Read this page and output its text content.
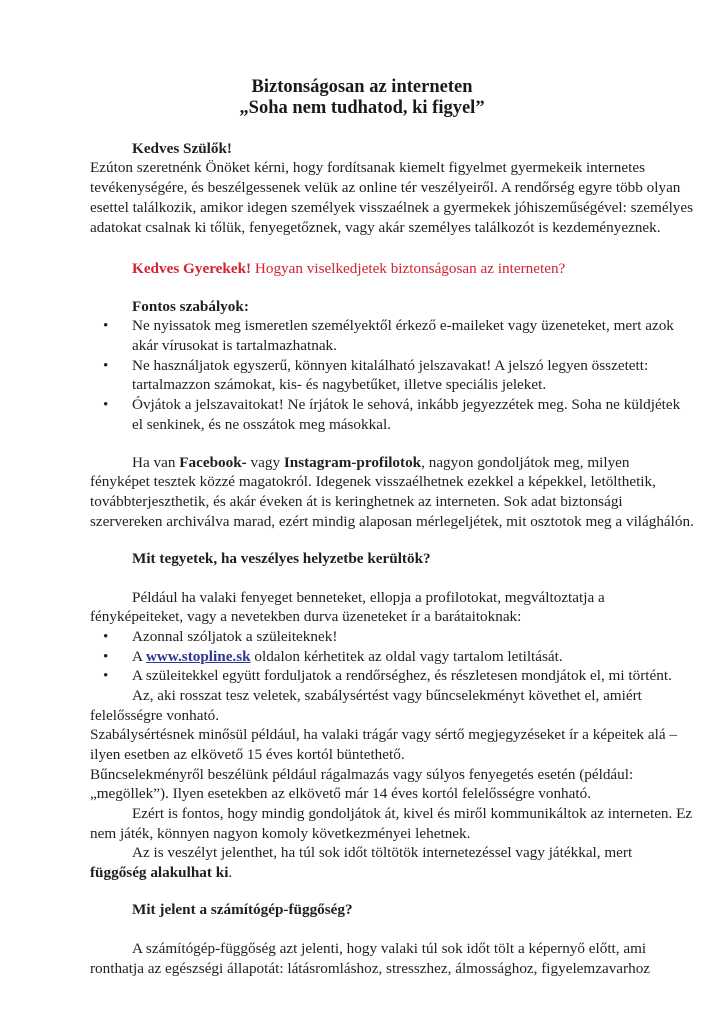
Biztonságosan az interneten
„Soha nem tudhatod, ki figyel”
Kedves Szülők!
Ezúton szeretnénk Önöket kérni, hogy fordítsanak kiemelt figyelmet gyermekeik internetes
tevékenységére, és beszélgessenek velük az online tér veszélyeiről. A rendőrség egyre több olyan
esettel találkozik, amikor idegen személyek visszaélnek a gyermekek jóhiszeműségével: személyes
adatokat csalnak ki tőlük, fenyegetőznek, vagy akár személyes találkozót is kezdeményeznek.
Kedves Gyerekek! Hogyan viselkedjetek biztonságosan az interneten?
Fontos szabályok:
• Ne nyissatok meg ismeretlen személyektől érkező e-maileket vagy üzeneteket, mert azok
akár vírusokat is tartalmazhatnak.
• Ne használjatok egyszerű, könnyen kitalálható jelszavakat! A jelszó legyen összetett:
tartalmazzon számokat, kis- és nagybetűket, illetve speciális jeleket.
• Óvjátok a jelszavaitokat! Ne írjátok le sehová, inkább jegyezzétek meg. Soha ne küldjétek
el senkinek, és ne osszátok meg másokkal.
Ha van Facebook- vagy Instagram-profilotok, nagyon gondoljátok meg, milyen
fényképet tesztek közzé magatokról. Idegenek visszaélhetnek ezekkel a képekkel, letölthetik,
továbbterjeszthetik, és akár éveken át is keringhetnek az interneten. Sok adat biztonsági
szervereken archiválva marad, ezért mindig alaposan mérlegeljétek, mit osztotok meg a világhálón.
Mit tegyetek, ha veszélyes helyzetbe kerültök?
Például ha valaki fenyeget benneteket, ellopja a profilotokat, megváltoztatja a
fényképeiteket, vagy a nevetekben durva üzeneteket ír a barátaitoknak:
• Azonnal szóljatok a szüleiteknek!
• A www.stopline.sk oldalon kérhetitek az oldal vagy tartalom letiltását.
• A szüleitekkel együtt forduljatok a rendőrséghez, és részletesen mondjátok el, mi történt.
Az, aki rosszat tesz veletek, szabálysértést vagy bűncselekményt követhet el, amiért
felelősségre vonható.
Szabálysértésnek minősül például, ha valaki trágár vagy sértő megjegyzéseket ír a képeitek alá –
ilyen esetben az elkövető 15 éves kortól büntethető.
Bűncselekményről beszélünk például rágalmazás vagy súlyos fenyegetés esetén (például:
„megöllek”). Ilyen esetekben az elkövető már 14 éves kortól felelősségre vonható.
Ezért is fontos, hogy mindig gondoljátok át, kivel és miről kommunikáltok az interneten. Ez
nem játék, könnyen nagyon komoly következményei lehetnek.
Az is veszélyt jelenthet, ha túl sok időt töltötök internetezéssel vagy játékkal, mert
függőség alakulhat ki.
Mit jelent a számítógép-függőség?
A számítógép-függőség azt jelenti, hogy valaki túl sok időt tölt a képernyő előtt, ami
ronthatja az egészségi állapotát: látásromláshoz, stresszhez, álmossághoz, figyelemzavarhoz
